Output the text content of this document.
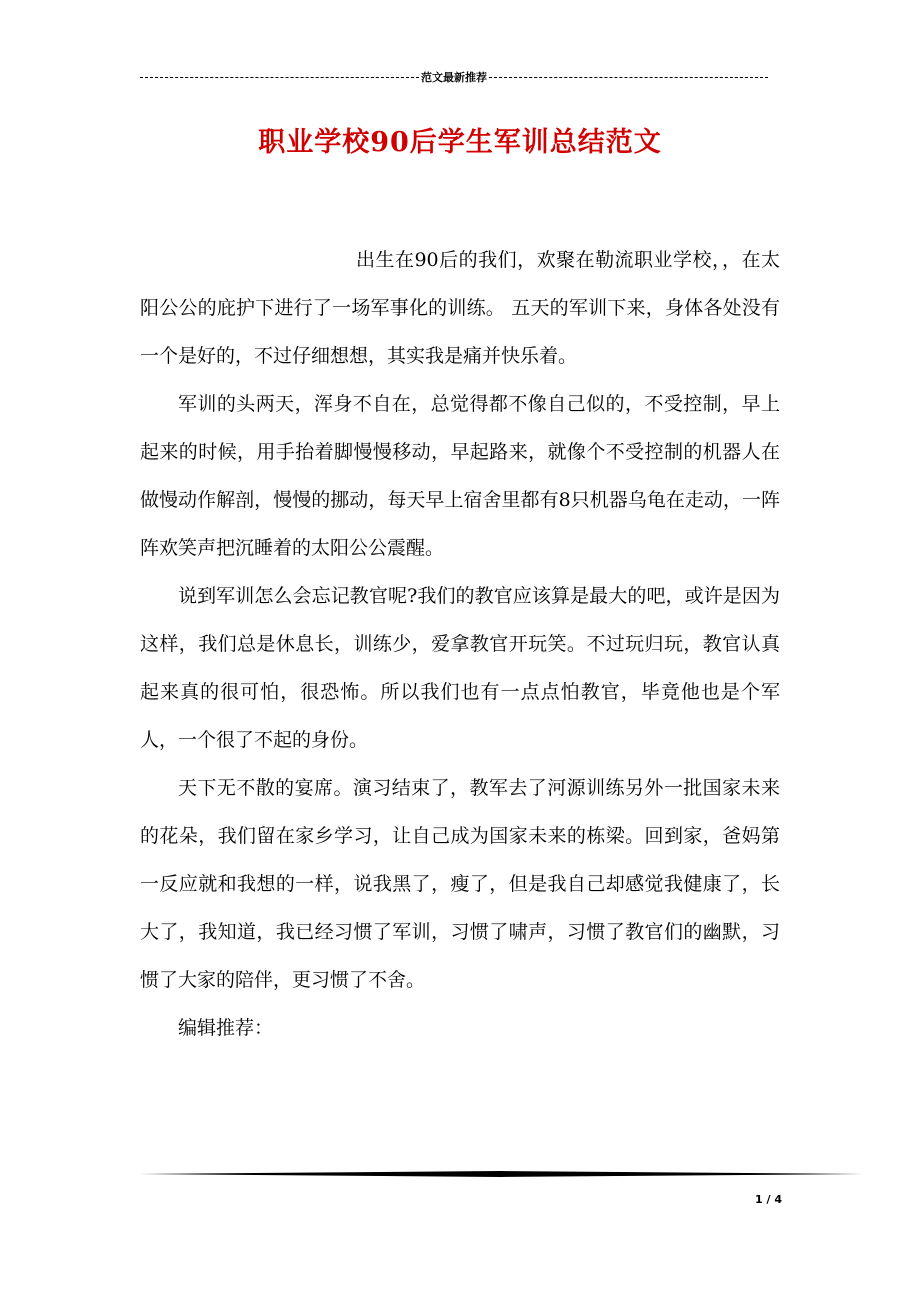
范文最新推荐
职业学校90后学生军训总结范文

出生在90后的我们，欢聚在勒流职业学校，，在太阳公公的庇护下进行了一场军事化的训练。 五天的军训下来，身体各处没有一个是好的，不过仔细想想，其实我是痛并快乐着。

军训的头两天，浑身不自在，总觉得都不像自己似的，不受控制，早上起来的时候，用手抬着脚慢慢移动，早起路来，就像个不受控制的机器人在做慢动作解剖，慢慢的挪动，每天早上宿舍里都有8只机器乌龟在走动，一阵阵欢笑声把沉睡着的太阳公公震醒。

说到军训怎么会忘记教官呢?我们的教官应该算是最大的吧，或许是因为这样，我们总是休息长，训练少，爱拿教官开玩笑。不过玩归玩，教官认真起来真的很可怕，很恐怖。所以我们也有一点点怕教官，毕竟他也是个军人，一个很了不起的身份。

天下无不散的宴席。演习结束了，教军去了河源训练另外一批国家未来的花朵，我们留在家乡学习，让自己成为国家未来的栋梁。回到家，爸妈第一反应就和我想的一样，说我黑了，瘦了，但是我自己却感觉我健康了，长大了，我知道，我已经习惯了军训，习惯了啸声，习惯了教官们的幽默，习惯了大家的陪伴，更习惯了不舍。

编辑推荐：

1 / 4
